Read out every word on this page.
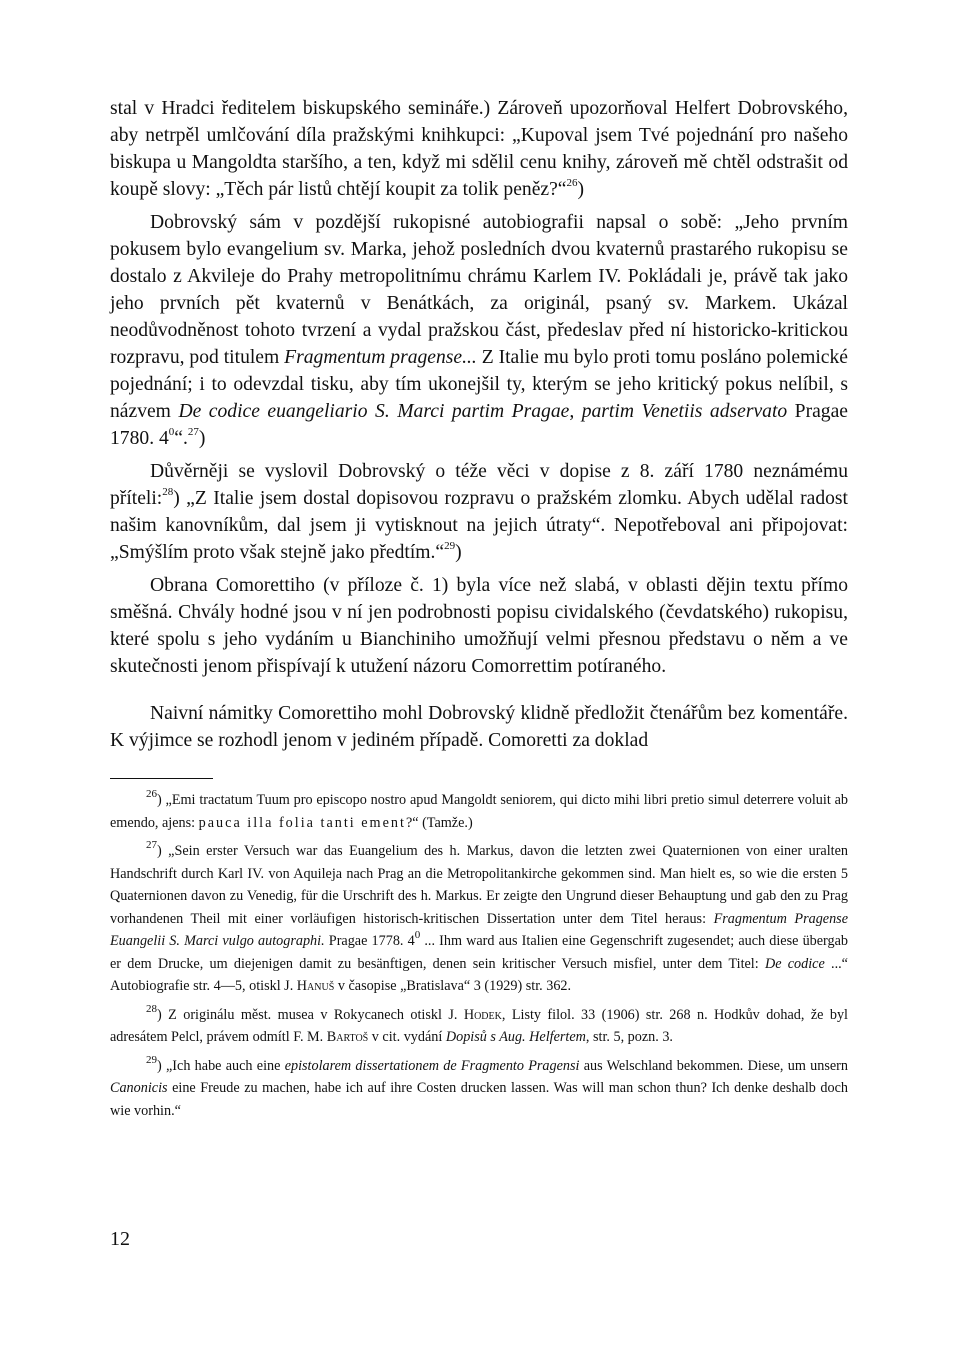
stal v Hradci ředitelem biskupského semináře.) Zároveň upozorňoval Helfert Dobrovského, aby netrpěl umlčování díla pražskými knihkupci: „Kupoval jsem Tvé pojednání pro našeho biskupa u Mangoldta staršího, a ten, když mi sdělil cenu knihy, zároveň mě chtěl odstrašit od koupě slovy: „Těch pár listů chtějí koupit za tolik peněz?“$^{26}$)

Dobrovský sám v pozdější rukopisné autobiografii napsal o sobě: „Jeho prvním pokusem bylo evangelium sv. Marka, jehož posledních dvou kvaternů prastarého rukopisu se dostalo z Akvileje do Prahy metropolitnímu chrámu Karlem IV. Pokládali je, právě tak jako jeho prvních pět kvaternů v Benátkách, za originál, psaný sv. Markem. Ukázal neodůvodněnost tohoto tvrzení a vydal pražskou část, předeslav před ní historicko-kritickou rozpravu, pod titulem Fragmentum pragense... Z Italie mu bylo proti tomu posláno polemické pojednání; i to odevzdal tisku, aby tím ukonejšil ty, kterým se jeho kritický pokus nelíbil, s názvem De codice euangeliario S. Marci partim Pragae, partim Venetiis adservato Pragae 1780. $4^0“.^{27}$)

Důvěrněji se vyslovil Dobrovský o téže věci v dopise z 8. září 1780 neznámému příteli:$^{28}$) „Z Italie jsem dostal dopisovou rozpravu o pražském zlomku. Abych udělal radost našim kanovníkům, dal jsem ji vytisknout na jejich útraty“. Nepotřeboval ani připojovat: „Smýšlím proto však stejně jako předtím.“$^{29}$)

Obrana Comorettiho (v příloze č. 1) byla více než slabá, v oblasti dějin textu přímo směšná. Chvály hodné jsou v ní jen podrobnosti popisu cividalského (čevdatského) rukopisu, které spolu s jeho vydáním u Bianchiniho umožňují velmi přesnou představu o něm a ve skutečnosti jenom přispívají k utužení názoru Comorrettim potíraného.

Naivní námitky Comorettiho mohl Dobrovský klidně předložit čtenářům bez komentáře. K výjimce se rozhodl jenom v jediném případě. Comoretti za doklad

$^{26}$) „Emi tractatum Tuum pro episcopo nostro apud Mangoldt seniorem, qui dicto mihi libri pretio simul deterrere voluit ab emendo, ajens: pauca illa folia tanti ement?“ (Tamže.)

$^{27}$) „Sein erster Versuch war das Euangelium des h. Markus, davon die letzten zwei Quaternionen von einer uralten Handschrift durch Karl IV. von Aquileja nach Prag an die Metropolitankirche gekommen sind. Man hielt es, so wie die ersten 5 Quaternionen davon zu Venedig, für die Urschrift des h. Markus. Er zeigte den Ungrund dieser Behauptung und gab den zu Prag vorhandenen Theil mit einer vorläufigen historisch-kritischen Dissertation unter dem Titel heraus: Fragmentum Pragense Euangelii S. Marci vulgo autographi. Pragae 1778. $4^0$ ... Ihm ward aus Italien eine Gegenschrift zugesendet; auch diese übergab er dem Drucke, um diejenigen damit zu besänftigen, denen sein kritischer Versuch misfiel, unter dem Titel: De codice ...“ Autobiografie str. 4—5, otiskl J. Hanuš v časopise „Bratislava“ 3 (1929) str. 362.

$^{28}$) Z originálu měst. musea v Rokycanech otiskl J. Hodek, Listy filol. 33 (1906) str. 268 n. Hodkův dohad, že byl adresátem Pelcl, právem odmítl F. M. Bartoš v cit. vydání Dopisů s Aug. Helfertem, str. 5, pozn. 3.

$^{29}$) „Ich habe auch eine epistolarem dissertationem de Fragmento Pragensi aus Welschland bekommen. Diese, um unsern Canonicis eine Freude zu machen, habe ich auf ihre Costen drucken lassen. Was will man schon thun? Ich denke deshalb doch wie vorhin.“

12
